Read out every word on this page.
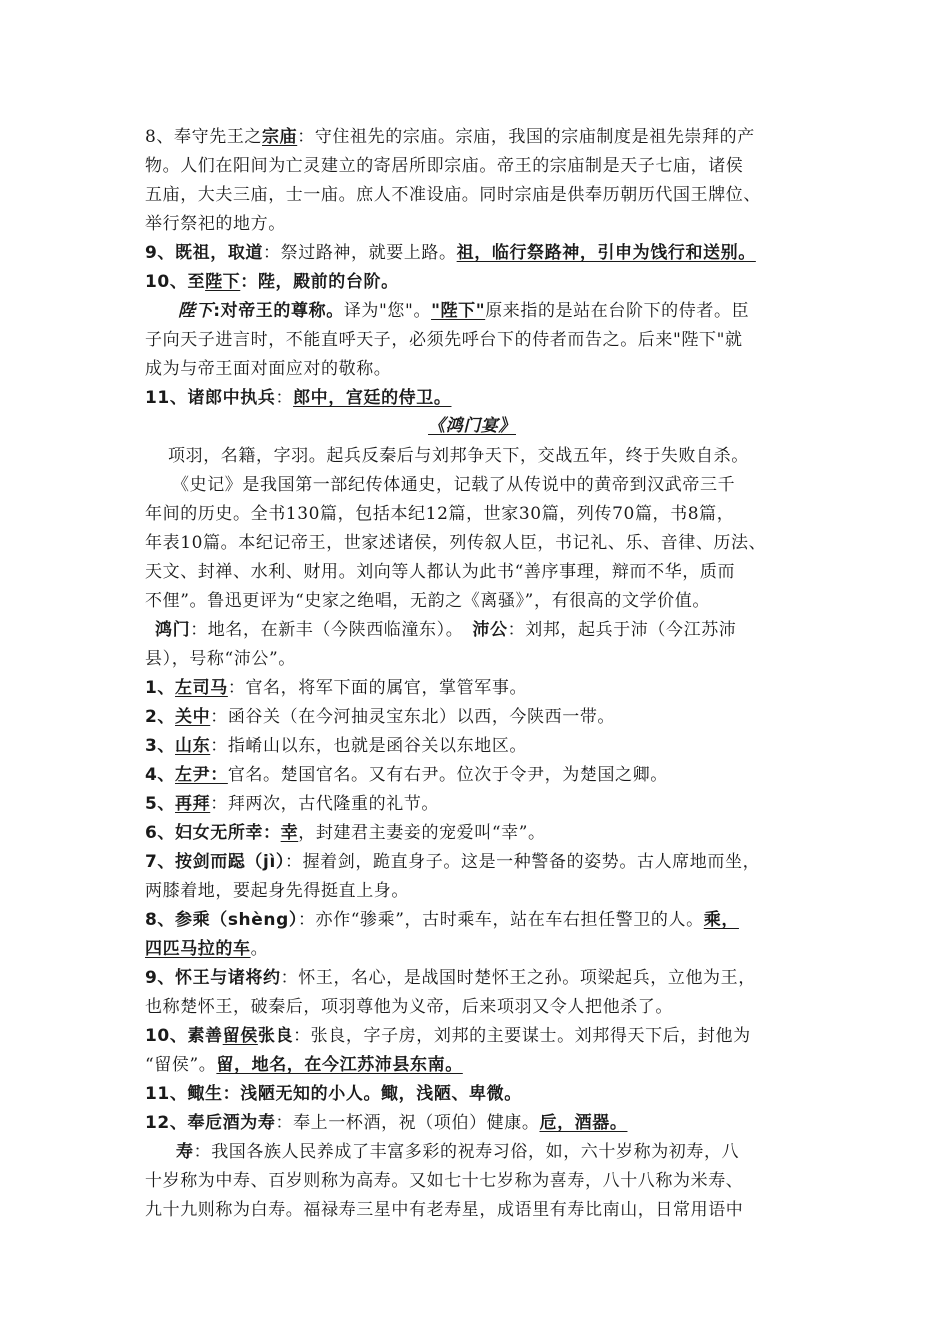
8、奉守先王之宗庙：守住祖先的宗庙。宗庙，我国的宗庙制度是祖先崇拜的产
物。人们在阳间为亡灵建立的寄居所即宗庙。帝王的宗庙制是天子七庙，诸侯
五庙，大夫三庙，士一庙。庶人不准设庙。同时宗庙是供奉历朝历代国王牌位、
举行祭祀的地方。
9、既祖，取道：祭过路神，就要上路。祖，临行祭路神，引申为饯行和送别。
10、至陛下：陛，殿前的台阶。
陛下:对帝王的尊称。译为"您"。"陛下"原来指的是站在台阶下的侍者。臣
子向天子进言时，不能直呼天子，必须先呼台下的侍者而告之。后来"陛下"就
成为与帝王面对面应对的敬称。
11、诸郎中执兵：郎中，宫廷的侍卫。
《鸿门宴》
项羽，名籍，字羽。起兵反秦后与刘邦争天下，交战五年，终于失败自杀。
《史记》是我国第一部纪传体通史，记载了从传说中的黄帝到汉武帝三千
年间的历史。全书130篇，包括本纪12篇，世家30篇，列传70篇，书8篇，
年表10篇。本纪记帝王，世家述诸侯，列传叙人臣，书记礼、乐、音律、历法、
天文、封禅、水利、财用。刘向等人都认为此书“善序事理，辩而不华，质而
不俚”。鲁迅更评为“史家之绝唱，无韵之《离骚》”，有很高的文学价值。
鸿门：地名，在新丰（今陕西临潼东）。　沛公：刘邦，起兵于沛（今江苏沛
县），号称“沛公”。
1、左司马：官名，将军下面的属官，掌管军事。
2、关中：函谷关（在今河抽灵宝东北）以西，今陕西一带。
3、山东：指崤山以东，也就是函谷关以东地区。
4、左尹：官名。楚国官名。又有右尹。位次于令尹，为楚国之卿。
5、再拜：拜两次，古代隆重的礼节。
6、妇女无所幸：幸，封建君主妻妾的宠爱叫“幸”。
7、按剑而跽（jì）：握着剑，跪直身子。这是一种警备的姿势。古人席地而坐，
两膝着地，要起身先得挺直上身。
8、参乘（shèng）：亦作“骖乘”，古时乘车，站在车右担任警卫的人。乘，
四匹马拉的车。
9、怀王与诸将约：怀王，名心，是战国时楚怀王之孙。项梁起兵，立他为王，
也称楚怀王，破秦后，项羽尊他为义帝，后来项羽又令人把他杀了。
10、素善留侯张良：张良，字子房，刘邦的主要谋士。刘邦得天下后，封他为
“留侯”。留，地名，在今江苏沛县东南。
11、鲰生：浅陋无知的小人。鲰，浅陋、卑微。
12、奉卮酒为寿：奉上一杯酒，祝（项伯）健康。卮，酒器。
寿：我国各族人民养成了丰富多彩的祝寿习俗，如，六十岁称为初寿，八
十岁称为中寿、百岁则称为高寿。又如七十七岁称为喜寿，八十八称为米寿、
九十九则称为白寿。福禄寿三星中有老寿星，成语里有寿比南山，日常用语中
